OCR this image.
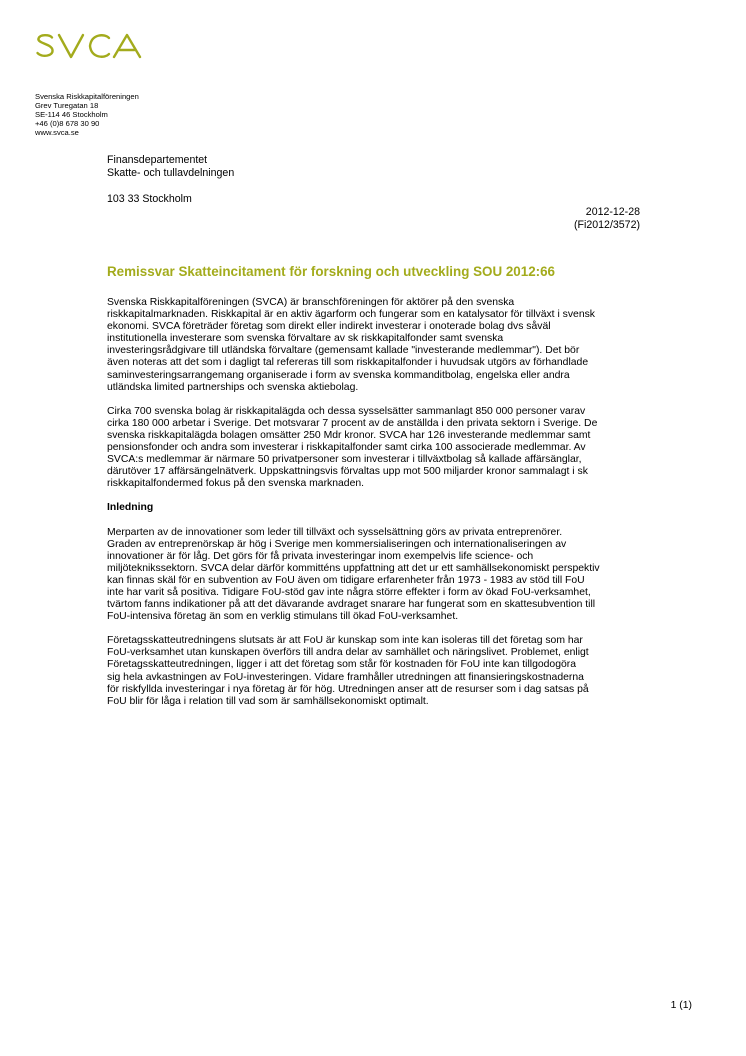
Svenska Riskkapitalföreningen
Grev Turegatan 18
SE-114 46 Stockholm
+46 (0)8 678 30 90
www.svca.se
Finansdepartementet
Skatte- och tullavdelningen
103 33 Stockholm
2012-12-28
(Fi2012/3572)
Remissvar Skatteincitament för forskning och utveckling SOU 2012:66

Svenska Riskkapitalföreningen (SVCA) är branschföreningen för aktörer på den svenska
riskkapitalmarknaden. Riskkapital är en aktiv ägarform och fungerar som en katalysator för tillväxt i svensk
ekonomi. SVCA företräder företag som direkt eller indirekt investerar i onoterade bolag dvs såväl
institutionella investerare som svenska förvaltare av sk riskkapitalfonder samt svenska
investeringsrådgivare till utländska förvaltare (gemensamt kallade "investerande medlemmar"). Det bör
även noteras att det som i dagligt tal refereras till som riskkapitalfonder i huvudsak utgörs av förhandlade
saminvesteringsarrangemang organiserade i form av svenska kommanditbolag, engelska eller andra
utländska limited partnerships och svenska aktiebolag.

Cirka 700 svenska bolag är riskkapitalägda och dessa sysselsätter sammanlagt 850 000 personer varav
cirka 180 000 arbetar i Sverige. Det motsvarar 7 procent av de anställda i den privata sektorn i Sverige. De
svenska riskkapitalägda bolagen omsätter 250 Mdr kronor. SVCA har 126 investerande medlemmar samt
pensionsfonder och andra som investerar i riskkapitalfonder samt cirka 100 associerade medlemmar. Av
SVCA:s medlemmar är närmare 50 privatpersoner som investerar i tillväxtbolag så kallade affärsänglar,
därutöver 17 affärsängelnätverk. Uppskattningsvis förvaltas upp mot 500 miljarder kronor sammalagt i sk
riskkapitalfondermed fokus på den svenska marknaden.

Inledning

Merparten av de innovationer som leder till tillväxt och sysselsättning görs av privata entreprenörer.
Graden av entreprenörskap är hög i Sverige men kommersialiseringen och internationaliseringen av
innovationer är för låg. Det görs för få privata investeringar inom exempelvis life science- och
miljöteknikssektorn. SVCA delar därför kommitténs uppfattning att det ur ett samhällsekonomiskt perspektiv
kan finnas skäl för en subvention av FoU även om tidigare erfarenheter från 1973 - 1983 av stöd till FoU
inte har varit så positiva. Tidigare FoU-stöd gav inte några större effekter i form av ökad FoU-verksamhet,
tvärtom fanns indikationer på att det dävarande avdraget snarare har fungerat som en skattesubvention till
FoU-intensiva företag än som en verklig stimulans till ökad FoU-verksamhet.

Företagsskatteutredningens slutsats är att FoU är kunskap som inte kan isoleras till det företag som har
FoU-verksamhet utan kunskapen överförs till andra delar av samhället och näringslivet. Problemet, enligt
Företagsskatteutredningen, ligger i att det företag som står för kostnaden för FoU inte kan tillgodogöra
sig hela avkastningen av FoU-investeringen. Vidare framhåller utredningen att finansieringskostnaderna
för riskfyllda investeringar i nya företag är för hög. Utredningen anser att de resurser som i dag satsas på
FoU blir för låga i relation till vad som är samhällsekonomiskt optimalt.

1 (1)
